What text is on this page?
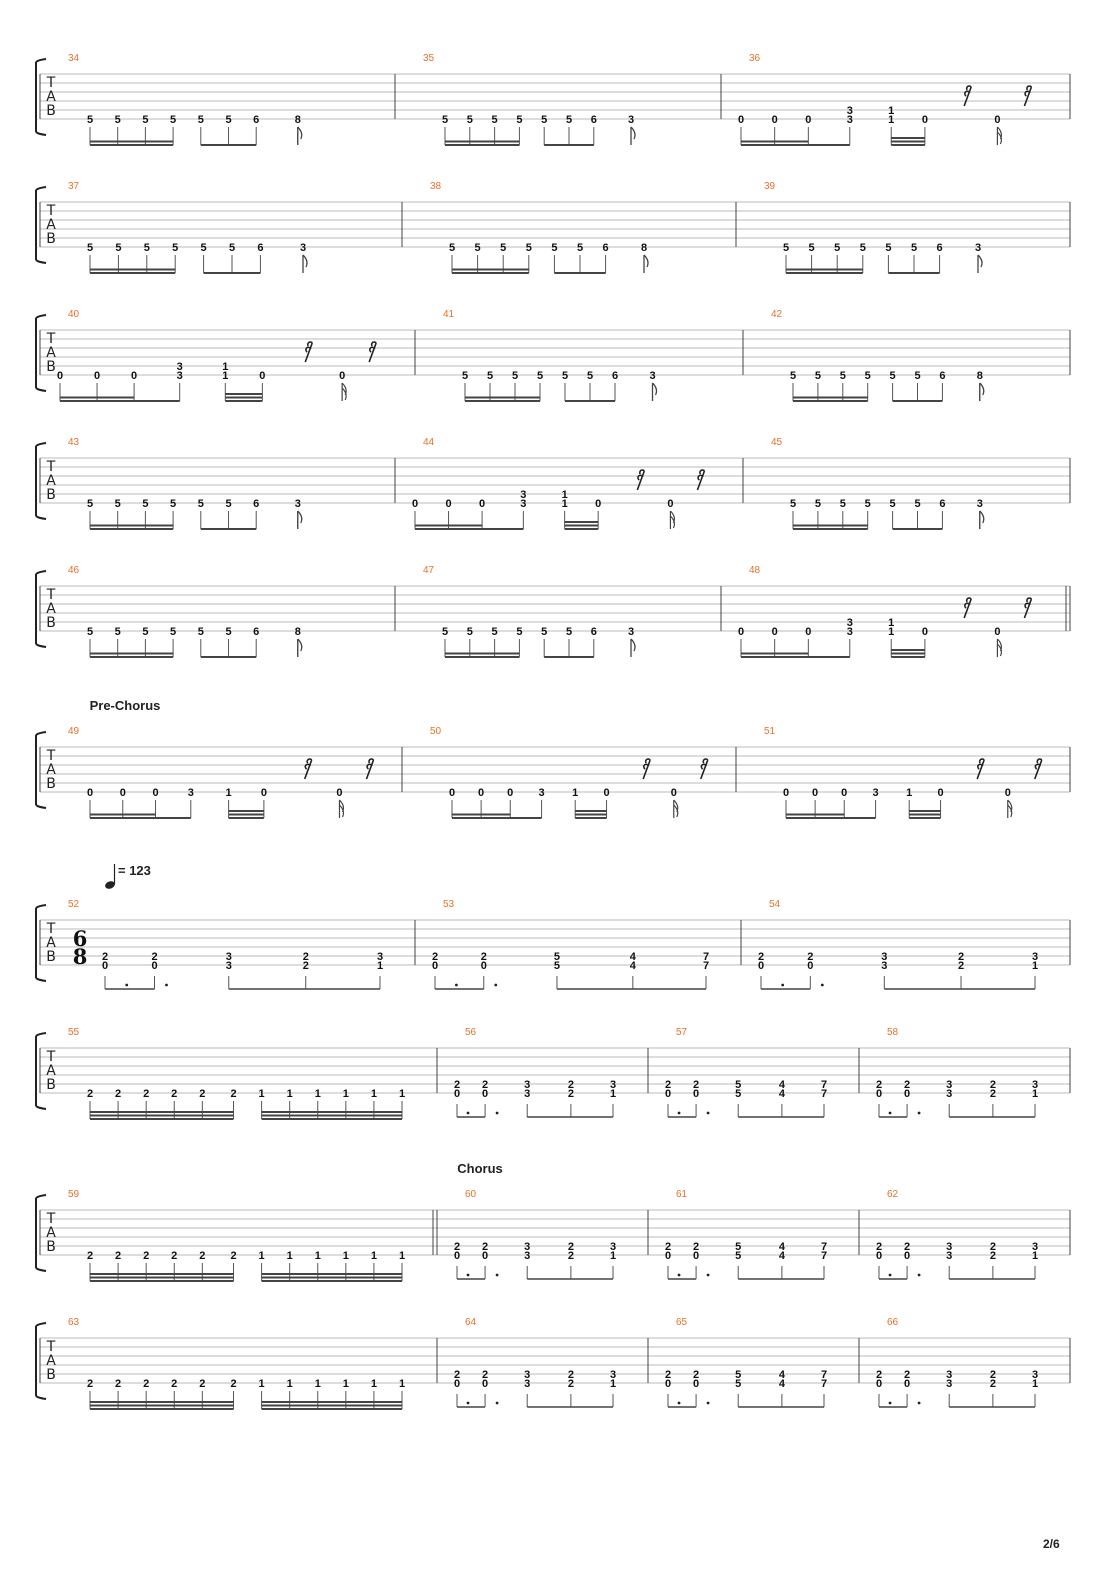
T
A
B
34
5 5 5 5 5 5 6	8
35
5 5 5 5 5 5 6	3
36
0	0	0
3
3
1
1	0	0
T
A
B
37
5 5 5 5 5 5 6	3
38
5 5 5 5 5 5 6	8
39
5 5 5 5 5 5 6	3
T
A
B
40
0	0	0
3
3
1
1	0	0
41
5 5 5 5 5 5 6	3
42
5 5 5 5 5 5 6	8
T
A
B
43
5 5 5 5 5 5 6	3
44
0 0 0
3
3
1
1 0	0
45
5 5 5 5 5 5 6	3
T
A
B
46
5 5 5 5 5 5 6	8
47
5 5 5 5 5 5 6	3
48
0	0	0
3
3
1
1	0	0
T
A
B
Pre-Chorus
49
0 0 0	3	1	0	0
50
0 0 0 3 1 0	0
51
0 0 0 3 1 0	0
T
A
B
= 123
52
6
8 2
0
2
0
3
3
2
2
3
1
53
2
0
2
0
5
5
4
4
7
7
54
2
0
2
0
3
3
2
2
3
1
T
A
B
55
2 2 2 2 2 2 1 1 1 1 1 1
56
2
0
2
0
3
3
2
2
3
1
57
2
0
2
0
5
5
4
4
7
7
58
2
0
2
0
3
3
2
2
3
1
T
A
B
Chorus
59
2 2 2 2 2 2 1 1 1 1 1 1
60
2
0
2
0
3
3
2
2
3
1
61
2
0
2
0
5
5
4
4
7
7
62
2
0
2
0
3
3
2
2
3
1
T
A
B
63
2 2 2 2 2 2 1 1 1 1 1 1
64
2
0
2
0
3
3
2
2
3
1
65
2
0
2
0
5
5
4
4
7
7
66
2
0
2
0
3
3
2
2
3
1
2/6
